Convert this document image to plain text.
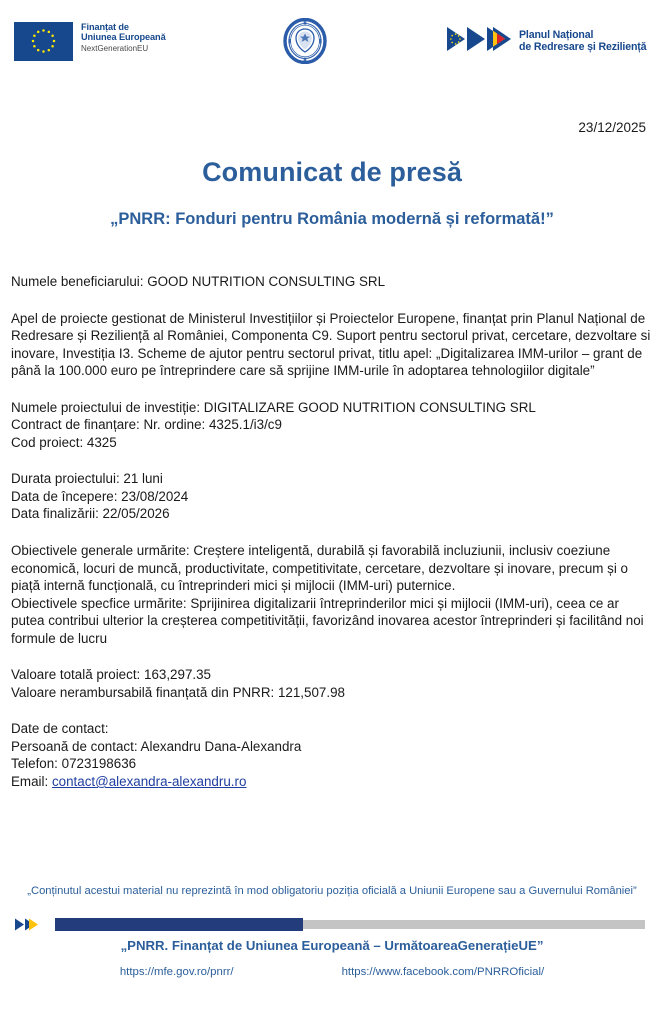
Finanțat de
Uniunea Europeană
NextGenerationEU
Planul Național
de Redresare și Reziliență
23/12/2025
Comunicat de presă
„PNRR: Fonduri pentru România modernă și reformată!”

Numele beneficiarului: GOOD NUTRITION CONSULTING SRL

Apel de proiecte gestionat de Ministerul Investițiilor și Proiectelor Europene, finanțat prin Planul Național de Redresare și Reziliență al României, Componenta C9. Suport pentru sectorul privat, cercetare, dezvoltare si inovare, Investiția I3. Scheme de ajutor pentru sectorul privat, titlu apel: „Digitalizarea IMM-urilor – grant de până la 100.000 euro pe întreprindere care să sprijine IMM-urile în adoptarea tehnologiilor digitale”

Numele proiectului de investiție: DIGITALIZARE GOOD NUTRITION CONSULTING SRL

Contract de finanțare: Nr. ordine: 4325.1/i3/c9

Cod proiect: 4325

Durata proiectului: 21 luni

Data de începere: 23/08/2024

Data finalizării: 22/05/2026

Obiectivele generale urmărite: Creștere inteligentă, durabilă și favorabilă incluziunii, inclusiv coeziune economică, locuri de muncă, productivitate, competitivitate, cercetare, dezvoltare și inovare, precum și o piață internă funcțională, cu întreprinderi mici și mijlocii (IMM-uri) puternice.

Obiectivele specfice urmărite: Sprijinirea digitalizarii întreprinderilor mici și mijlocii (IMM-uri), ceea ce ar putea contribui ulterior la creșterea competitivității, favorizând inovarea acestor întreprinderi și facilitând noi formule de lucru

Valoare totală proiect: 163,297.35

Valoare nerambursabilă finanțată din PNRR: 121,507.98

Date de contact:

Persoană de contact: Alexandru Dana-Alexandra

Telefon: 0723198636

Email: contact@alexandra-alexandru.ro

„Conținutul acestui material nu reprezintă în mod obligatoriu poziția oficială a Uniunii Europene sau a Guvernului României”
„PNRR. Finanțat de Uniunea Europeană – UrmătoareaGenerațieUE”
https://mfe.gov.ro/pnrr/	https://www.facebook.com/PNRROficial/
